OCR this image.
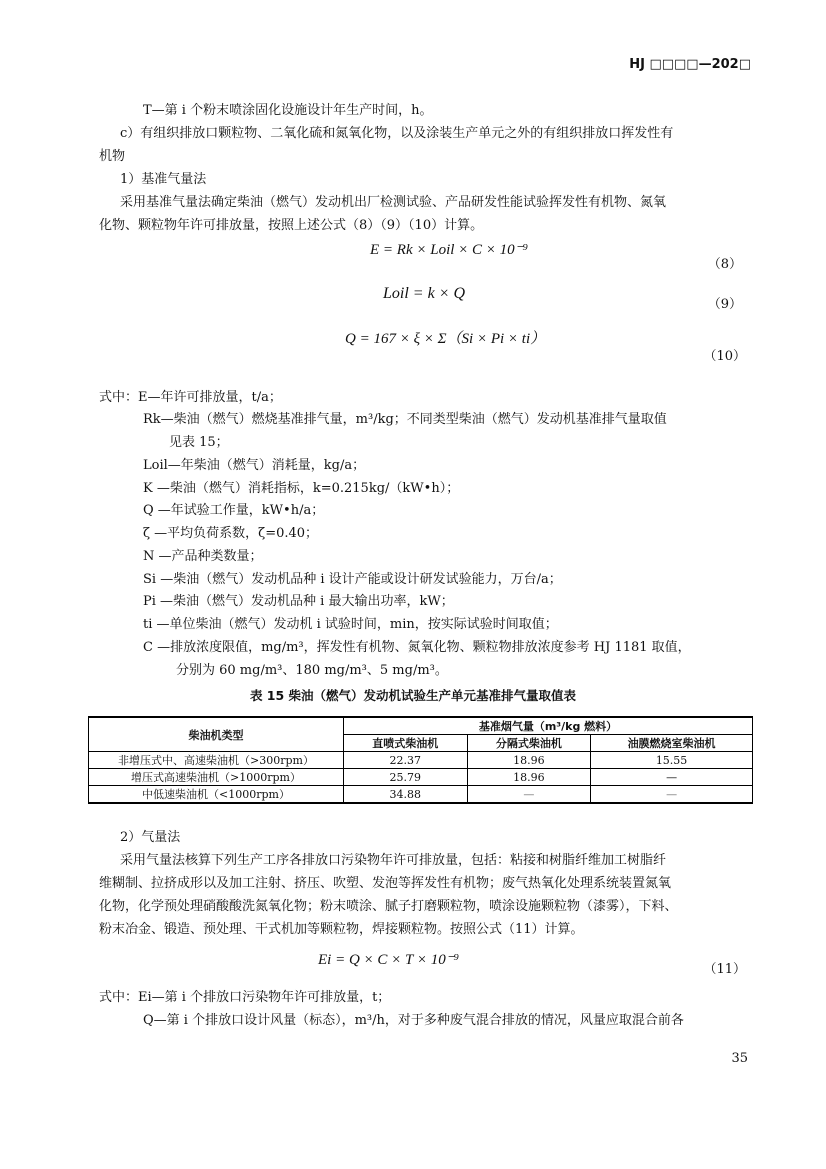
HJ □□□□—202□
T—第 i 个粉末喷涂固化设施设计年生产时间，h。
c）有组织排放口颗粒物、二氧化硫和氮氧化物，以及涂装生产单元之外的有组织排放口挥发性有
机物
1）基准气量法
采用基准气量法确定柴油（燃气）发动机出厂检测试验、产品研发性能试验挥发性有机物、氮氧
化物、颗粒物年许可排放量，按照上述公式（8）（9）（10）计算。
E = Rk × Loil × C × 10⁻⁹
（8）
Loil = k × Q
（9）
Q = 167 × ξ × Σ（Si × Pi × ti）
（10）
式中：E—年许可排放量，t/a；
Rk—柴油（燃气）燃烧基准排气量，m³/kg；不同类型柴油（燃气）发动机基准排气量取值
见表 15；
Loil—年柴油（燃气）消耗量，kg/a；
K —柴油（燃气）消耗指标，k=0.215kg/（kW•h）；
Q —年试验工作量，kW•h/a；
ζ —平均负荷系数，ζ=0.40；
N —产品种类数量；
Si —柴油（燃气）发动机品种 i 设计产能或设计研发试验能力，万台/a；
Pi —柴油（燃气）发动机品种 i 最大输出功率，kW；
ti —单位柴油（燃气）发动机 i 试验时间，min，按实际试验时间取值；
C —排放浓度限值，mg/m³，挥发性有机物、氮氧化物、颗粒物排放浓度参考 HJ 1181 取值，
分别为 60 mg/m³、180 mg/m³、5 mg/m³。
表 15 柴油（燃气）发动机试验生产单元基准排气量取值表
柴油机类型	基准烟气量（m³/kg 燃料）		
	直喷式柴油机	分隔式柴油机	油膜燃烧室柴油机
非增压式中、高速柴油机（>300rpm）	22.37	18.96	15.55
增压式高速柴油机（>1000rpm）	25.79	18.96	—
中低速柴油机（<1000rpm）	34.88	—	—
2）气量法
采用气量法核算下列生产工序各排放口污染物年许可排放量，包括：粘接和树脂纤维加工树脂纤
维糊制、拉挤成形以及加工注射、挤压、吹塑、发泡等挥发性有机物；废气热氧化处理系统装置氮氧
化物，化学预处理硝酸酸洗氮氧化物；粉末喷涂、腻子打磨颗粒物，喷涂设施颗粒物（漆雾），下料、
粉末冶金、锻造、预处理、干式机加等颗粒物，焊接颗粒物。按照公式（11）计算。
Ei = Q × C × T × 10⁻⁹
（11）
式中：Ei—第 i 个排放口污染物年许可排放量，t；
Q—第 i 个排放口设计风量（标态），m³/h，对于多种废气混合排放的情况，风量应取混合前各
35
